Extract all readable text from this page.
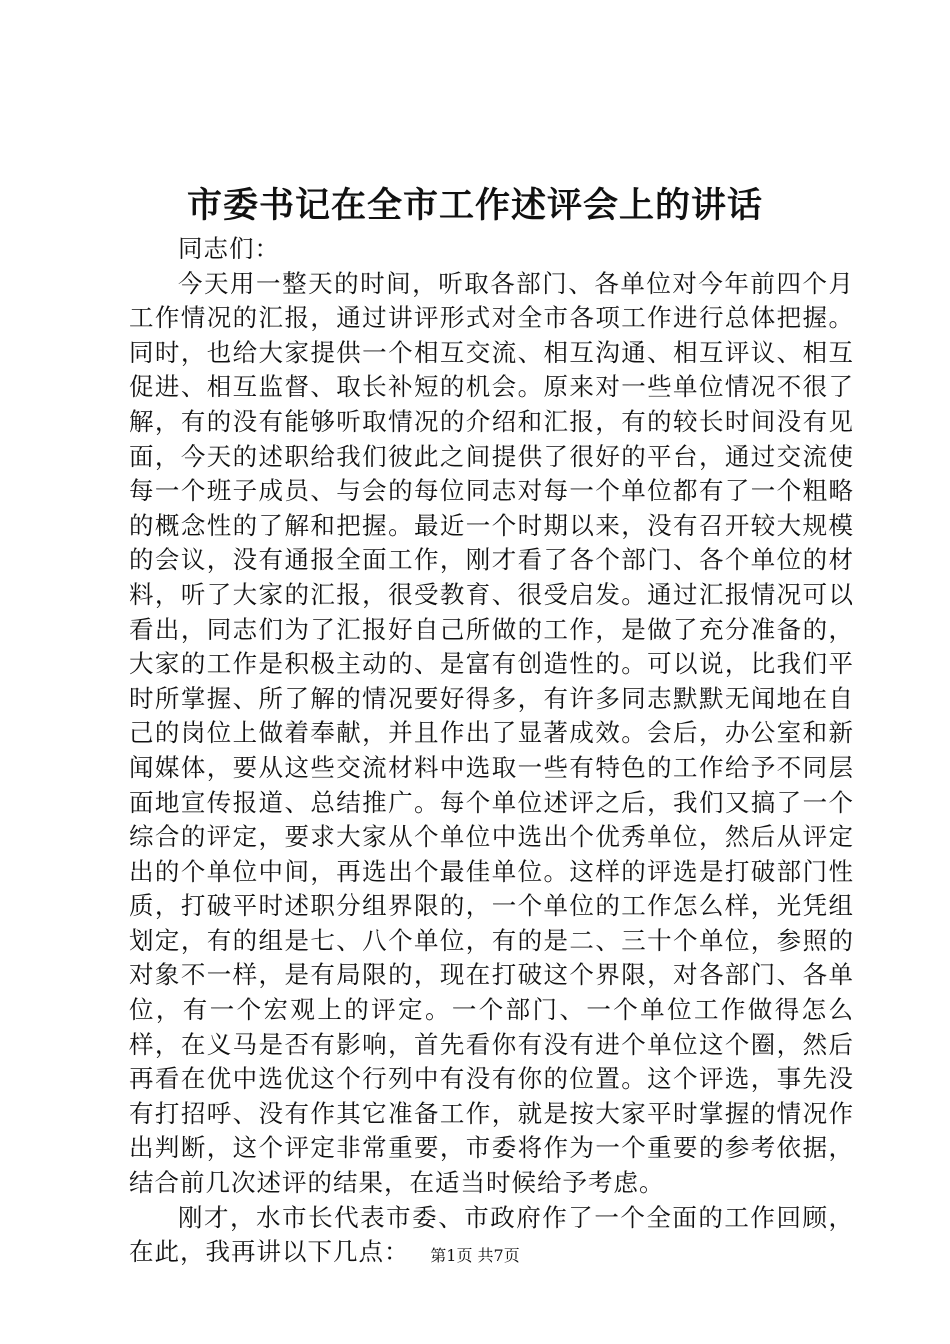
市委书记在全市工作述评会上的讲话

同志们：

今天用一整天的时间，听取各部门、各单位对今年前四个月工作情况的汇报，通过讲评形式对全市各项工作进行总体把握。同时，也给大家提供一个相互交流、相互沟通、相互评议、相互促进、相互监督、取长补短的机会。原来对一些单位情况不很了解，有的没有能够听取情况的介绍和汇报，有的较长时间没有见面，今天的述职给我们彼此之间提供了很好的平台，通过交流使每一个班子成员、与会的每位同志对每一个单位都有了一个粗略的概念性的了解和把握。最近一个时期以来，没有召开较大规模的会议，没有通报全面工作，刚才看了各个部门、各个单位的材料，听了大家的汇报，很受教育、很受启发。通过汇报情况可以看出，同志们为了汇报好自己所做的工作，是做了充分准备的，大家的工作是积极主动的、是富有创造性的。可以说，比我们平时所掌握、所了解的情况要好得多，有许多同志默默无闻地在自己的岗位上做着奉献，并且作出了显著成效。会后，办公室和新闻媒体，要从这些交流材料中选取一些有特色的工作给予不同层面地宣传报道、总结推广。每个单位述评之后，我们又搞了一个综合的评定，要求大家从个单位中选出个优秀单位，然后从评定出的个单位中间，再选出个最佳单位。这样的评选是打破部门性质，打破平时述职分组界限的，一个单位的工作怎么样，光凭组划定，有的组是七、八个单位，有的是二、三十个单位，参照的对象不一样，是有局限的，现在打破这个界限，对各部门、各单位，有一个宏观上的评定。一个部门、一个单位工作做得怎么样，在义马是否有影响，首先看你有没有进个单位这个圈，然后再看在优中选优这个行列中有没有你的位置。这个评选，事先没有打招呼、没有作其它准备工作，就是按大家平时掌握的情况作出判断，这个评定非常重要，市委将作为一个重要的参考依据，结合前几次述评的结果，在适当时候给予考虑。

刚才，水市长代表市委、市政府作了一个全面的工作回顾，在此，我再讲以下几点：	第1页 共7页
